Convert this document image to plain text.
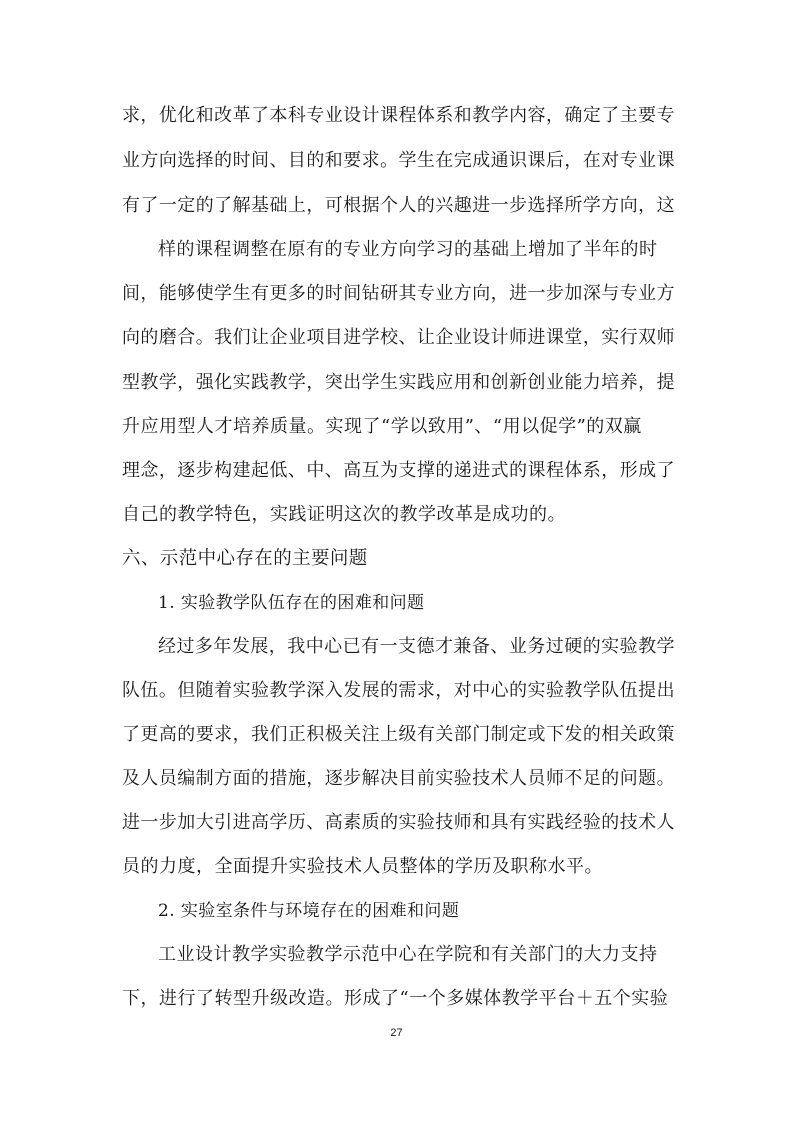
求，优化和改革了本科专业设计课程体系和教学内容，确定了主要专
业方向选择的时间、目的和要求。学生在完成通识课后，在对专业课
有了一定的了解基础上，可根据个人的兴趣进一步选择所学方向，这
样的课程调整在原有的专业方向学习的基础上增加了半年的时
间，能够使学生有更多的时间钻研其专业方向，进一步加深与专业方
向的磨合。我们让企业项目进学校、让企业设计师进课堂，实行双师
型教学，强化实践教学，突出学生实践应用和创新创业能力培养，提
升应用型人才培养质量。实现了“学以致用”、“用以促学”的双赢
理念，逐步构建起低、中、高互为支撑的递进式的课程体系，形成了
自己的教学特色，实践证明这次的教学改革是成功的。
六、示范中心存在的主要问题
1. 实验教学队伍存在的困难和问题
经过多年发展，我中心已有一支德才兼备、业务过硬的实验教学
队伍。但随着实验教学深入发展的需求，对中心的实验教学队伍提出
了更高的要求，我们正积极关注上级有关部门制定或下发的相关政策
及人员编制方面的措施，逐步解决目前实验技术人员师不足的问题。
进一步加大引进高学历、高素质的实验技师和具有实践经验的技术人
员的力度，全面提升实验技术人员整体的学历及职称水平。
2. 实验室条件与环境存在的困难和问题
工业设计教学实验教学示范中心在学院和有关部门的大力支持
下，进行了转型升级改造。形成了“一个多媒体教学平台＋五个实验
27
